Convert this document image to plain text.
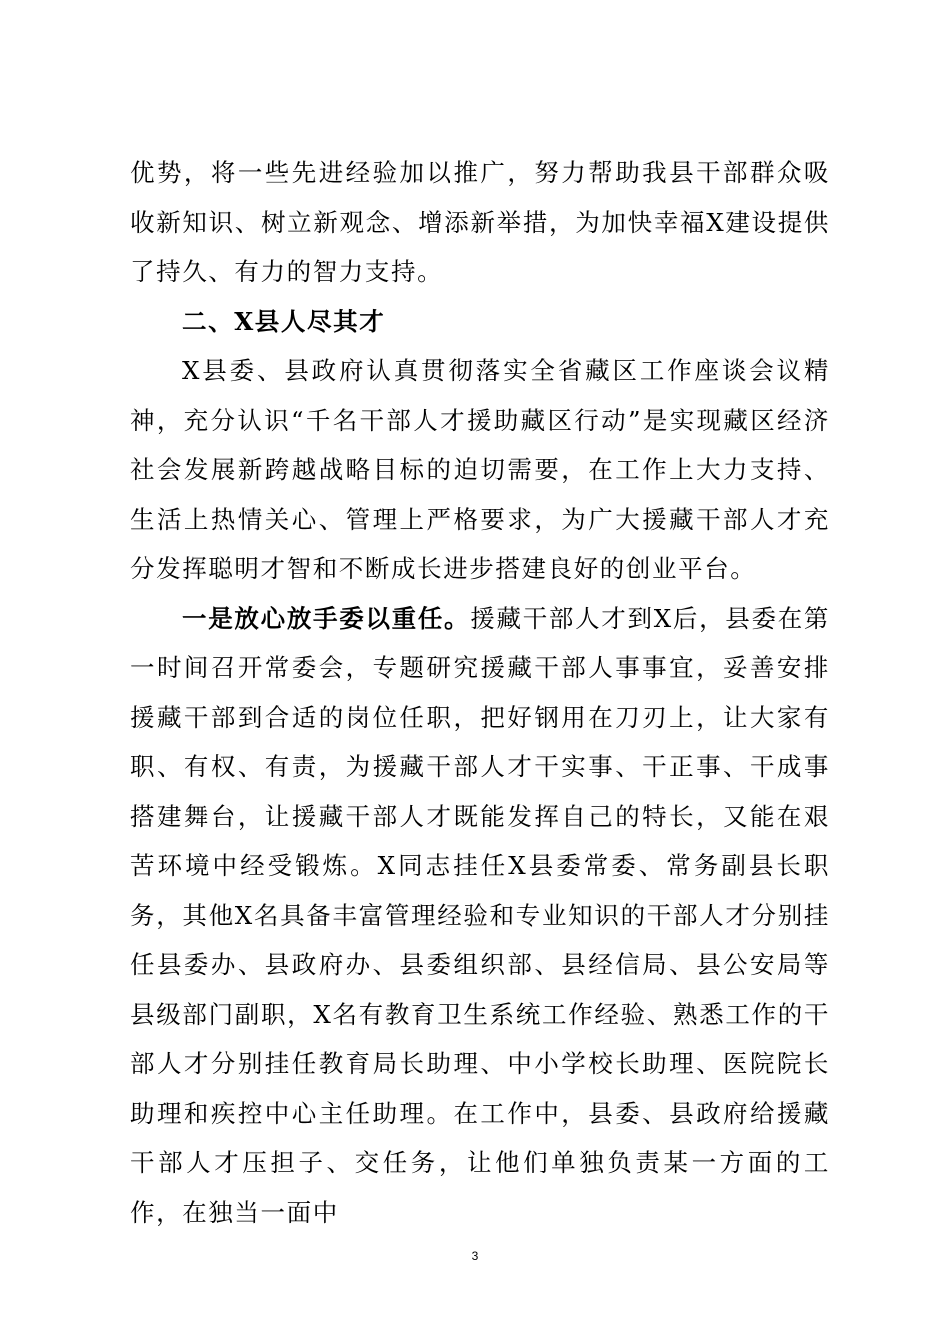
优势，将一些先进经验加以推广，努力帮助我县干部群众吸收新知识、树立新观念、增添新举措，为加快幸福X建设提供了持久、有力的智力支持。

二、X县人尽其才

X县委、县政府认真贯彻落实全省藏区工作座谈会议精神，充分认识“千名干部人才援助藏区行动”是实现藏区经济社会发展新跨越战略目标的迫切需要，在工作上大力支持、生活上热情关心、管理上严格要求，为广大援藏干部人才充分发挥聪明才智和不断成长进步搭建良好的创业平台。

一是放心放手委以重任。援藏干部人才到X后，县委在第一时间召开常委会，专题研究援藏干部人事事宜，妥善安排援藏干部到合适的岗位任职，把好钢用在刀刃上，让大家有职、有权、有责，为援藏干部人才干实事、干正事、干成事搭建舞台，让援藏干部人才既能发挥自己的特长，又能在艰苦环境中经受锻炼。X同志挂任X县委常委、常务副县长职务，其他X名具备丰富管理经验和专业知识的干部人才分别挂任县委办、县政府办、县委组织部、县经信局、县公安局等县级部门副职，X名有教育卫生系统工作经验、熟悉工作的干部人才分别挂任教育局长助理、中小学校长助理、医院院长助理和疾控中心主任助理。在工作中，县委、县政府给援藏干部人才压担子、交任务，让他们单独负责某一方面的工作，在独当一面中

3
